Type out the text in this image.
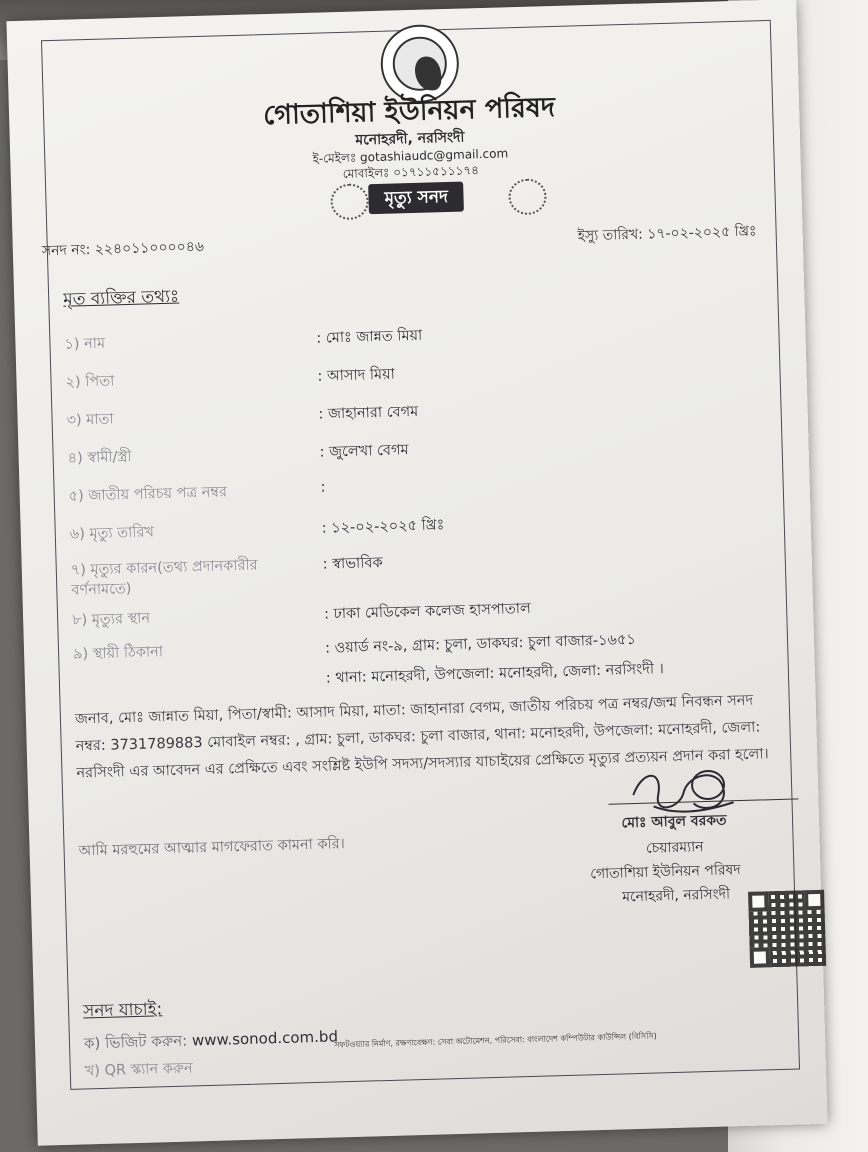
গোতাশিয়া ইউনিয়ন পরিষদ
মনোহরদী, নরসিংদী
ই-মেইলঃ gotashiaudc@gmail.com
মোবাইলঃ ০১৭১১৫১১১৭৪
মৃত্যু সনদ
সনদ নং: ২২৪০১১০০০০৪৬
ইস্যু তারিখ: ১৭-০২-২০২৫ খ্রিঃ
মৃত ব্যক্তির তথ্যঃ
১) নাম	: মোঃ জান্নত মিয়া
২) পিতা	: আসাদ মিয়া
৩) মাতা	: জাহানারা বেগম
৪) স্বামী/স্ত্রী	: জুলেখা বেগম
৫) জাতীয় পরিচয় পত্র নম্বর	:
৬) মৃত্যু তারিখ	: ১২-০২-২০২৫ খ্রিঃ
৭) মৃত্যুর কারন(তথ্য প্রদানকারীর বর্ণনামতে)
: স্বাভাবিক
৮) মৃত্যুর স্থান	: ঢাকা মেডিকেল কলেজ হাসপাতাল
৯) স্থায়ী ঠিকানা	: ওয়ার্ড নং-৯, গ্রাম: চুলা, ডাকঘর: চুলা বাজার-১৬৫১
: থানা: মনোহরদী, উপজেলা: মনোহরদী, জেলা: নরসিংদী ।
জনাব, মোঃ জান্নাত মিয়া, পিতা/স্বামী: আসাদ মিয়া, মাতা: জাহানারা বেগম, জাতীয় পরিচয় পত্র নম্বর/জন্ম নিবন্ধন সনদ নম্বর: 3731789883 মোবাইল নম্বর: , গ্রাম: চুলা, ডাকঘর: চুলা বাজার, থানা: মনোহরদী, উপজেলা: মনোহরদী, জেলা: নরসিংদী এর আবেদন এর প্রেক্ষিতে এবং সংশ্লিষ্ট ইউপি সদস্য/সদস্যার যাচাইয়ের প্রেক্ষিতে মৃত্যুর প্রত্যয়ন প্রদান করা হলো।
আমি মরহুমের আত্মার মাগফেরাত কামনা করি।
মোঃ আবুল বরকত
চেয়ারম্যান
গোতাশিয়া ইউনিয়ন পরিষদ
মনোহরদী, নরসিংদী
সনদ যাচাই:
ক) ভিজিট করুন: www.sonod.com.bd
খ) QR স্ক্যান করুন
সফটওয়্যার নির্মাণ, রক্ষণাবেক্ষণ: সেবা অটোমেশন, পরিসেবা: বাংলাদেশ কম্পিউটার কাউন্সিল (বিসিসি)
